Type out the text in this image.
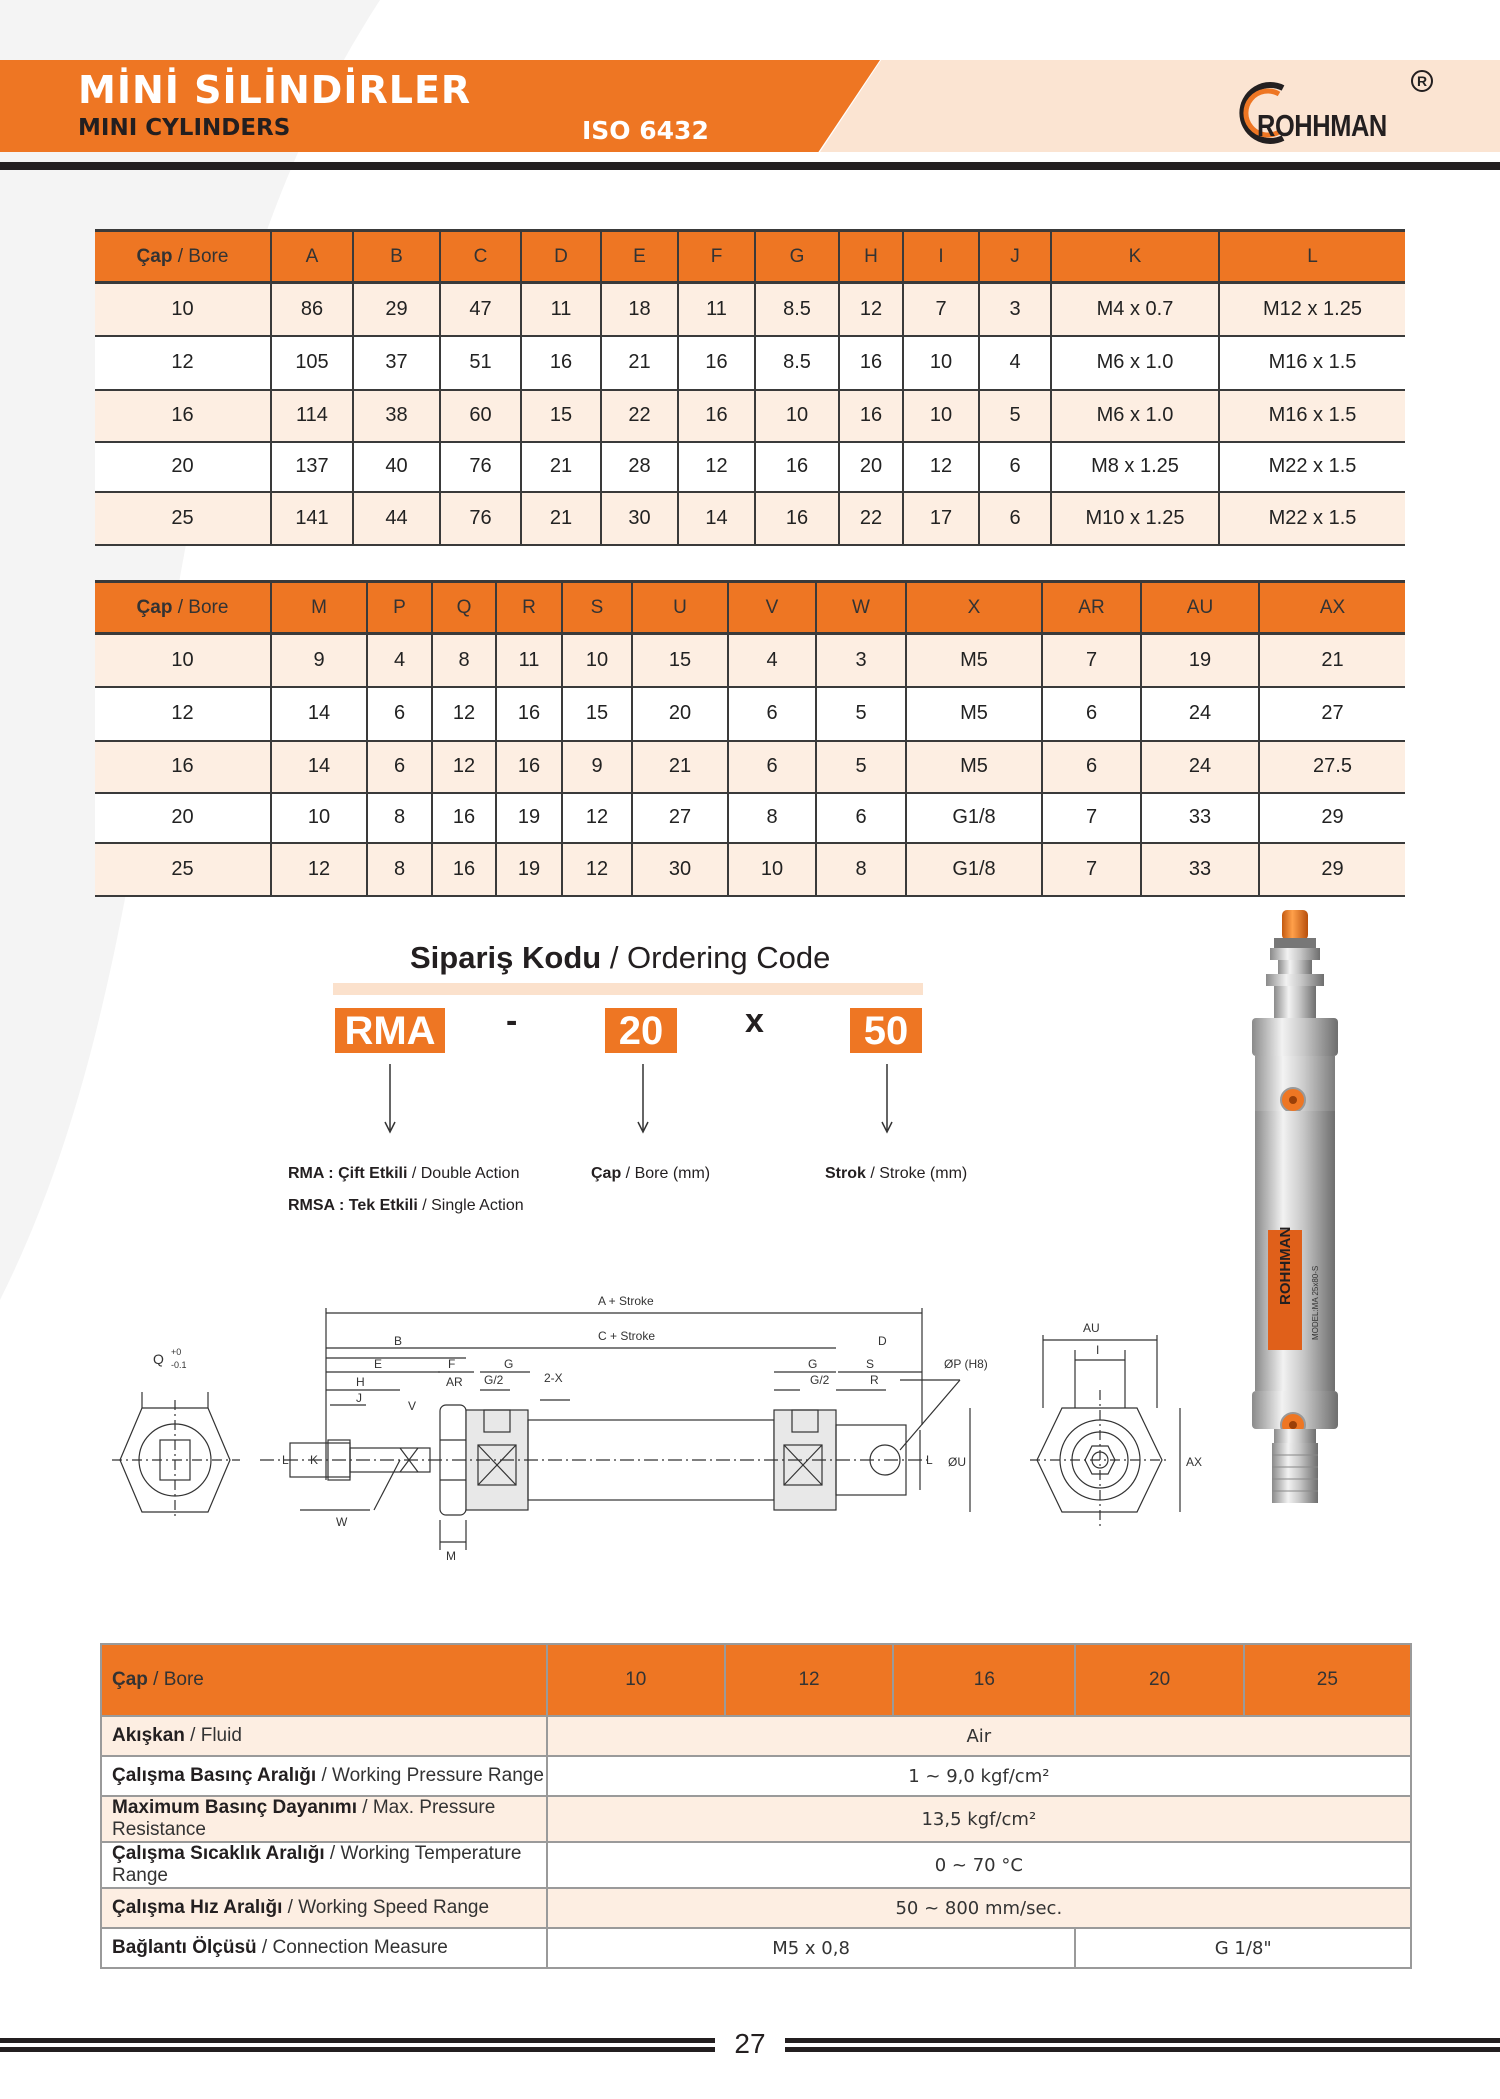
MİNİ SİLİNDİRLER
MINI CYLINDERS	ISO 6432	ROHHMAN
R
Çap / Bore	A	B	C	D	E	F	G	H	I	J	K	L
10	86	29	47	11	18	11	8.5	12	7	3	M4 x 0.7	M12 x 1.25
12	105	37	51	16	21	16	8.5	16	10	4	M6 x 1.0	M16 x 1.5
16	114	38	60	15	22	16	10	16	10	5	M6 x 1.0	M16 x 1.5
20	137	40	76	21	28	12	16	20	12	6	M8 x 1.25	M22 x 1.5
25	141	44	76	21	30	14	16	22	17	6	M10 x 1.25	M22 x 1.5
Çap / Bore	M	P	Q	R	S	U	V	W	X	AR	AU	AX
10	9	4	8	11	10	15	4	3	M5	7	19	21
12	14	6	12	16	15	20	6	5	M5	6	24	27
16	14	6	12	16	9	21	6	5	M5	6	24	27.5
20	10	8	16	19	12	27	8	6	G1/8	7	33	29
25	12	8	16	19	12	30	10	8	G1/8	7	33	29
Sipariş Kodu / Ordering Code
RMA -	20	x	50
RMA : Çift Etkili / Double Action
RMSA : Tek Etkili / Single Action
Çap / Bore (mm)	Strok / Stroke (mm)
ROHHMAN MODEL:MA 25x80-S
A + Stroke
C + Stroke
Q +0
-0.1
B
E	F	G
H
J
AR G/2	2-X
D
G	S
G/2	R
ØP (H8)
AU
I
K
L
V
W
M
ØU
L	AX
Çap / Bore	10	12	16	20	25
Akışkan / Fluid	Air				
Çalışma Basınç Aralığı / Working Pressure Range	1 ~ 9,0 kgf/cm²				
Maximum Basınç Dayanımı / Max. Pressure Resistance	13,5 kgf/cm²				
Çalışma Sıcaklık Aralığı / Working Temperature Range	0 ~ 70 °C				
Çalışma Hız Aralığı / Working Speed Range	50 ~ 800 mm/sec.				
Bağlantı Ölçüsü / Connection Measure	M5 x 0,8			G 1/8"	
27
